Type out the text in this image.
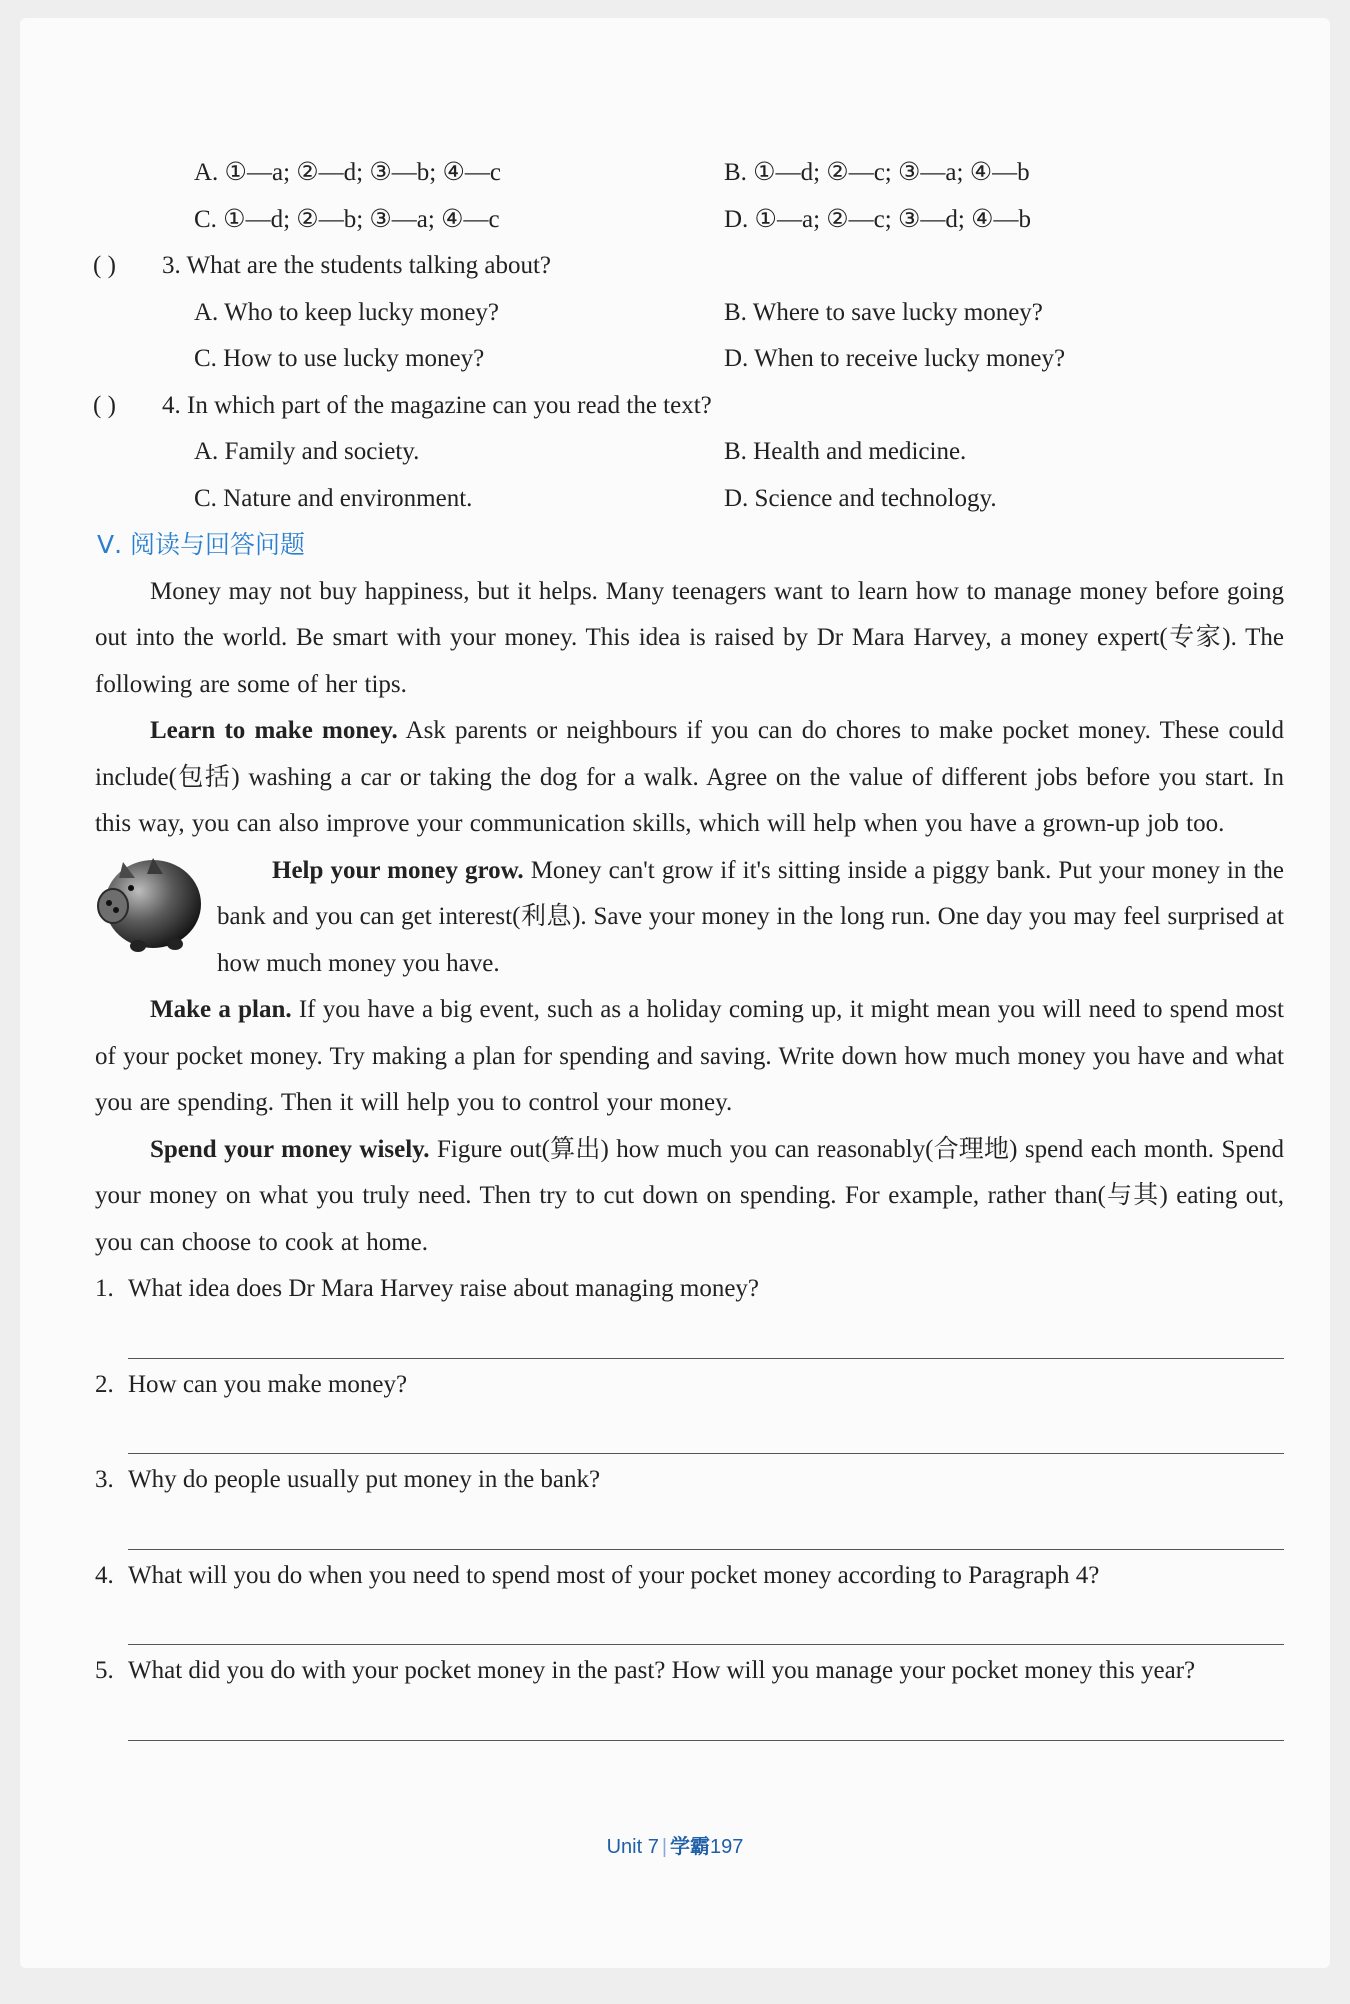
A. ①—a; ②—d; ③—b; ④—c	B. ①—d; ②—c; ③—a; ④—b
C. ①—d; ②—b; ③—a; ④—c	D. ①—a; ②—c; ③—d; ④—b
( ) 3. What are the students talking about?
A. Who to keep lucky money?	B. Where to save lucky money?
C. How to use lucky money?	D. When to receive lucky money?
( ) 4. In which part of the magazine can you read the text?
A. Family and society.	B. Health and medicine.
C. Nature and environment.	D. Science and technology.
Ⅴ. 阅读与回答问题

Money may not buy happiness, but it helps. Many teenagers want to learn how to manage money before going out into the world. Be smart with your money. This idea is raised by Dr Mara Harvey, a money expert(专家). The following are some of her tips.

Learn to make money. Ask parents or neighbours if you can do chores to make pocket money. These could include(包括) washing a car or taking the dog for a walk. Agree on the value of different jobs before you start. In this way, you can also improve your communication skills, which will help when you have a grown-up job too.

Help your money grow. Money can't grow if it's sitting inside a piggy bank. Put your money in the bank and you can get interest(利息). Save your money in the long run. One day you may feel surprised at how much money you have.

Make a plan. If you have a big event, such as a holiday coming up, it might mean you will need to spend most of your pocket money. Try making a plan for spending and saving. Write down how much money you have and what you are spending. Then it will help you to control your money.

Spend your money wisely. Figure out(算出) how much you can reasonably(合理地) spend each month. Spend your money on what you truly need. Then try to cut down on spending. For example, rather than(与其) eating out, you can choose to cook at home.

1. What idea does Dr Mara Harvey raise about managing money?
2. How can you make money?
3. Why do people usually put money in the bank?
4. What will you do when you need to spend most of your pocket money according to Paragraph 4?
5. What did you do with your pocket money in the past? How will you manage your pocket money this year?
Unit 7 | 学霸197
